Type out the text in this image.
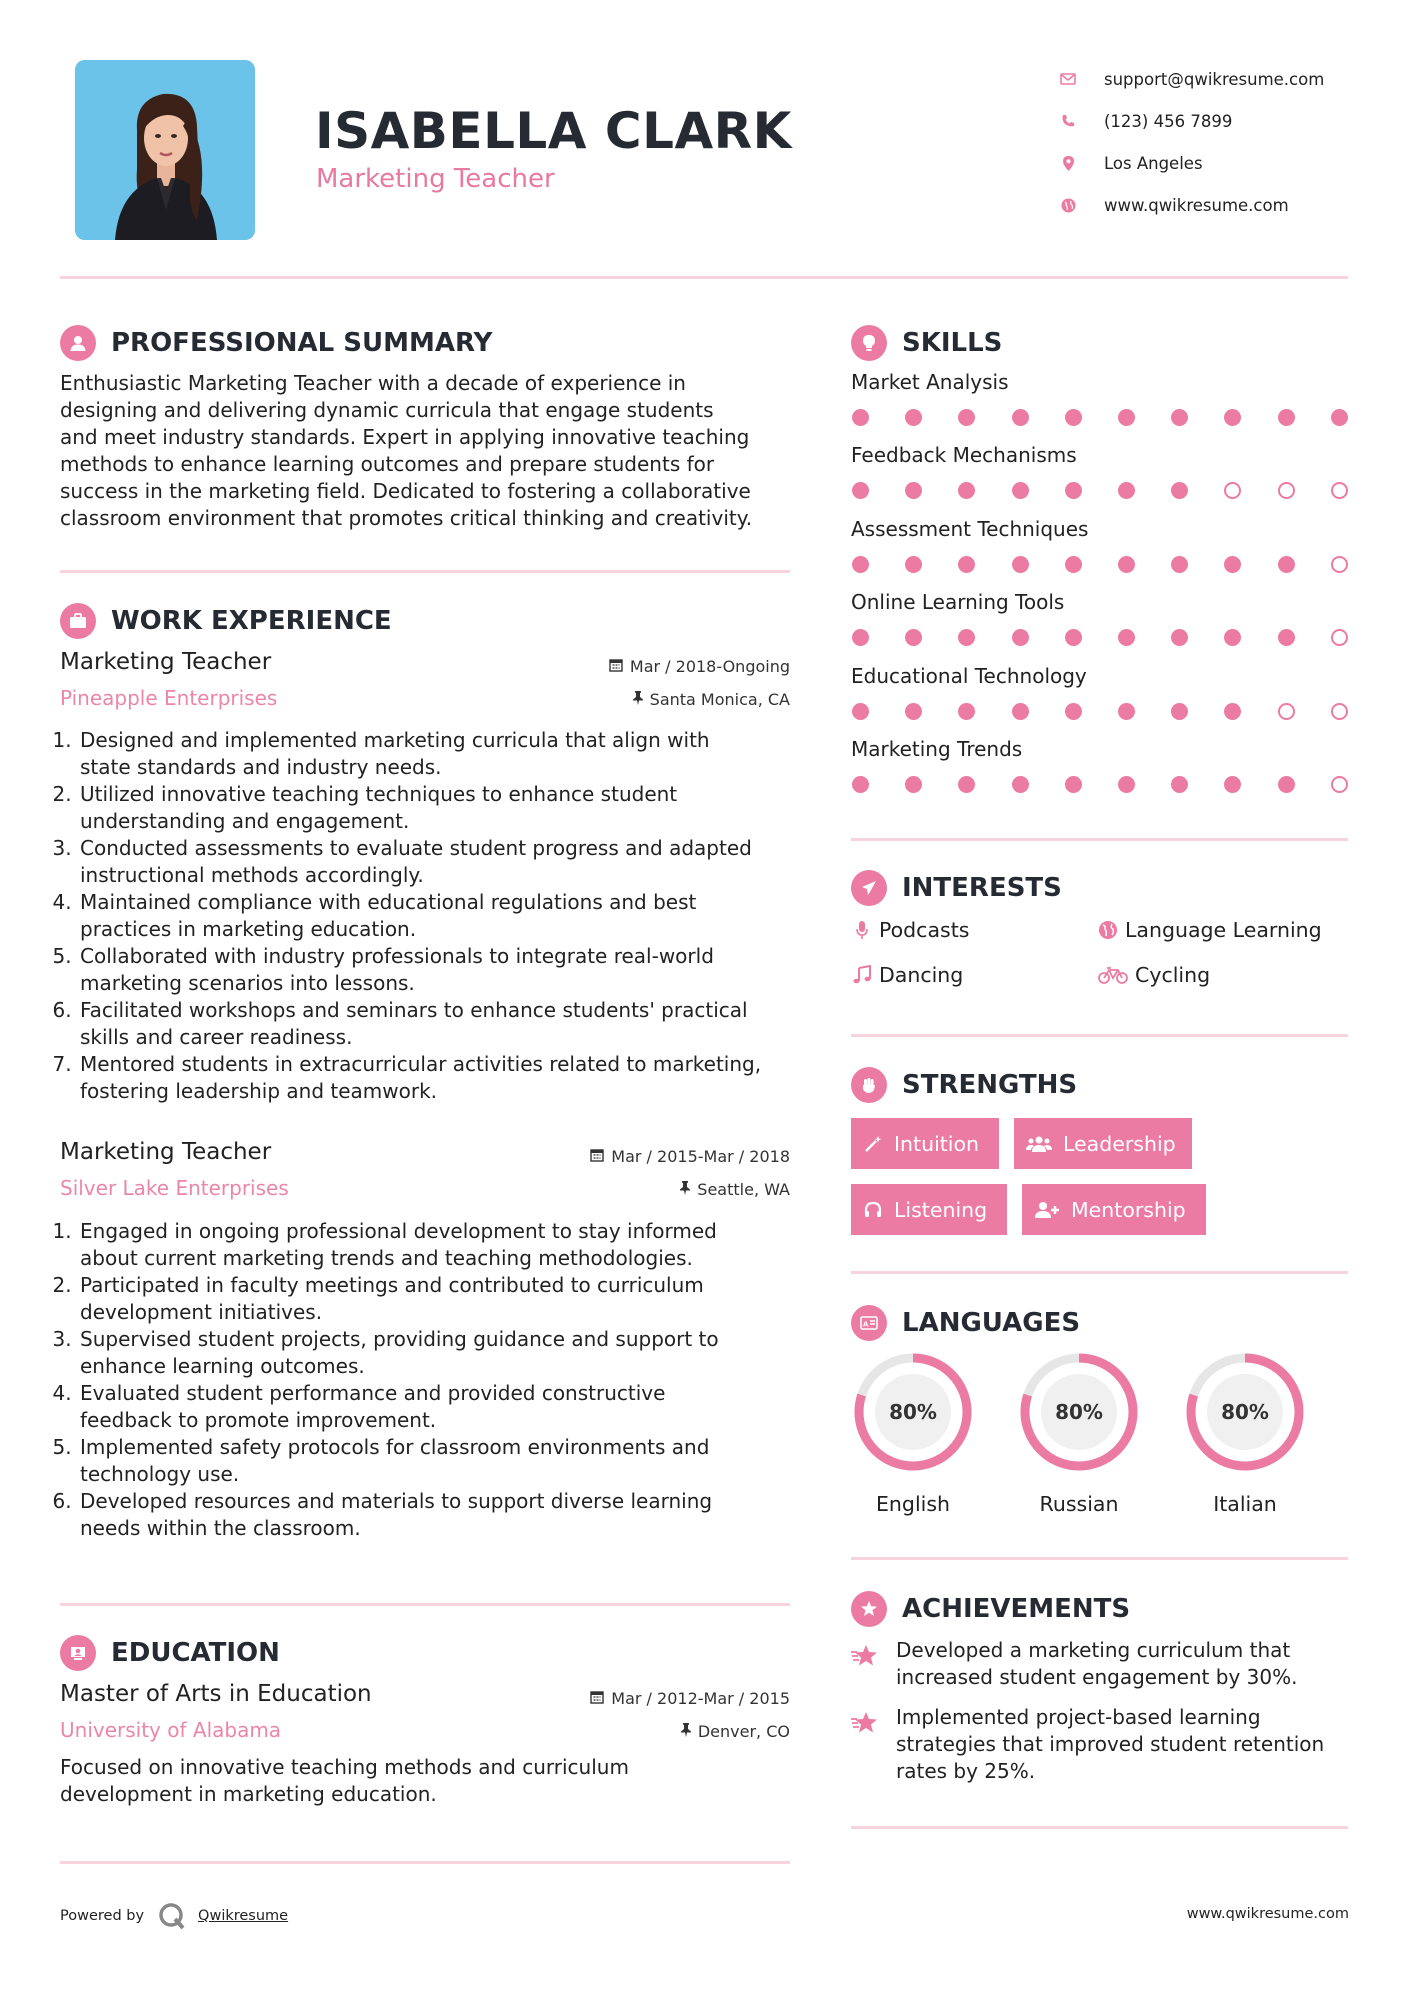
ISABELLA CLARK
Marketing Teacher
support@qwikresume.com
(123) 456 7899
Los Angeles
www.qwikresume.com
PROFESSIONAL SUMMARY
Enthusiastic Marketing Teacher with a decade of experience in
designing and delivering dynamic curricula that engage students
and meet industry standards. Expert in applying innovative teaching
methods to enhance learning outcomes and prepare students for
success in the marketing field. Dedicated to fostering a collaborative
classroom environment that promotes critical thinking and creativity.
WORK EXPERIENCE
Marketing Teacher	Mar / 2018-Ongoing
Pineapple Enterprises	Santa Monica, CA
1. Designed and implemented marketing curricula that align with
state standards and industry needs.
2. Utilized innovative teaching techniques to enhance student
understanding and engagement.
3. Conducted assessments to evaluate student progress and adapted
instructional methods accordingly.
4. Maintained compliance with educational regulations and best
practices in marketing education.
5. Collaborated with industry professionals to integrate real-world
marketing scenarios into lessons.
6. Facilitated workshops and seminars to enhance students' practical
skills and career readiness.
7. Mentored students in extracurricular activities related to marketing,
fostering leadership and teamwork.
Marketing Teacher	Mar / 2015-Mar / 2018
Silver Lake Enterprises	Seattle, WA
1. Engaged in ongoing professional development to stay informed
about current marketing trends and teaching methodologies.
2. Participated in faculty meetings and contributed to curriculum
development initiatives.
3. Supervised student projects, providing guidance and support to
enhance learning outcomes.
4. Evaluated student performance and provided constructive
feedback to promote improvement.
5. Implemented safety protocols for classroom environments and
technology use.
6. Developed resources and materials to support diverse learning
needs within the classroom.
EDUCATION
Master of Arts in Education	Mar / 2012-Mar / 2015
University of Alabama	Denver, CO
Focused on innovative teaching methods and curriculum
development in marketing education.
SKILLS
Market Analysis
Feedback Mechanisms
Assessment Techniques
Online Learning Tools
Educational Technology
Marketing Trends
INTERESTS
Podcasts	Language Learning
Dancing	Cycling
STRENGTHS
Intuition	Leadership
Listening	Mentorship
A LANGUAGES
80%
English
80%
Russian
80%
Italian
ACHIEVEMENTS
Developed a marketing curriculum that
increased student engagement by 30%.
Implemented project-based learning
strategies that improved student retention
rates by 25%.
Powered by	Qwikresume	www.qwikresume.com
